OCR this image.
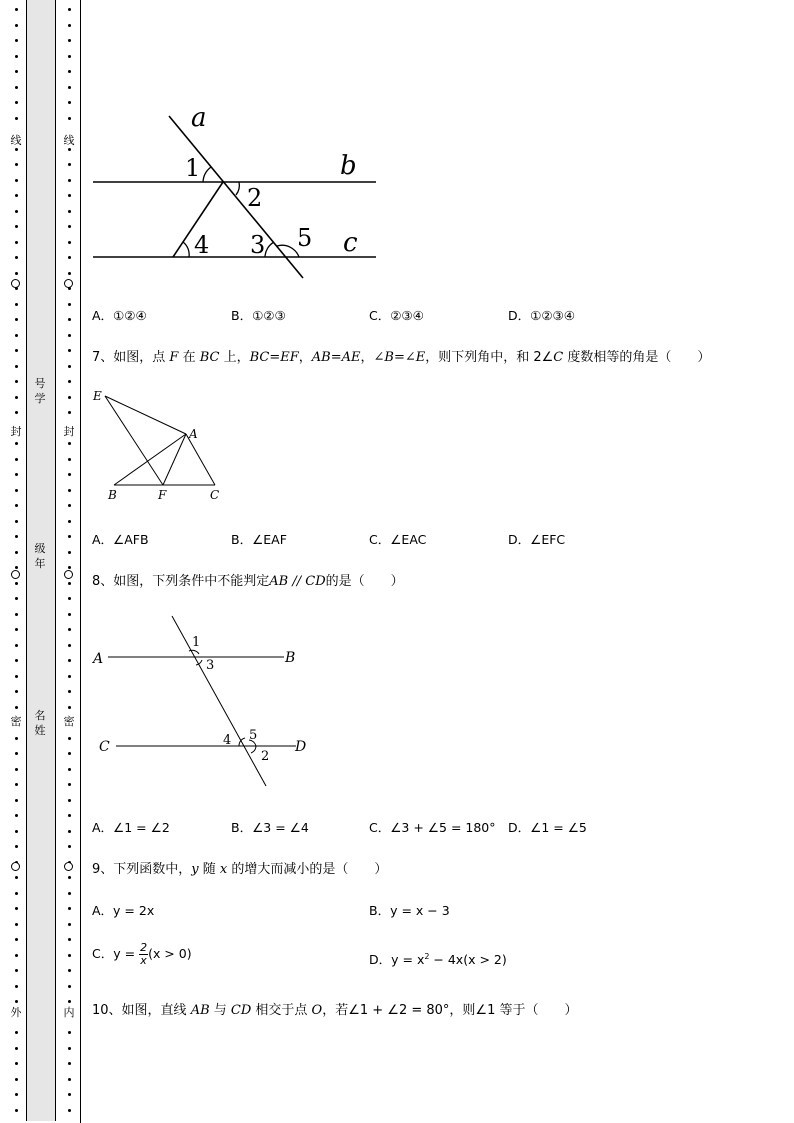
线
封
密
外
线
封
密
内
号
学
级
年
名
姓
a
b
c
1
2
3
4	5
A．①②④	B．①②③	C．②③④	D．①②③④
7、如图，点 F 在 BC 上，BC=EF，AB=AE，∠B=∠E，则下列角中，和 2∠C 度数相等的角是（　　）
E
A
B	F	C
A．∠AFB	B．∠EAF	C．∠EAC	D．∠EFC
8、如图，下列条件中不能判定AB // CD的是（　　）
A	B
C	D
1
3
4 5
2
A．∠1 = ∠2	B．∠3 = ∠4	C．∠3 + ∠5 = 180° D．∠1 = ∠5
9、下列函数中，y 随 x 的增大而减小的是（　　）
A．y = 2x	B．y = x − 3
C．$y = \frac{2}{x} (x > 0)$	D．$y = x^2 - 4x(x > 2)$
10、如图，直线 AB 与 CD 相交于点 O，若∠1 + ∠2 = 80°，则∠1 等于（　　）
